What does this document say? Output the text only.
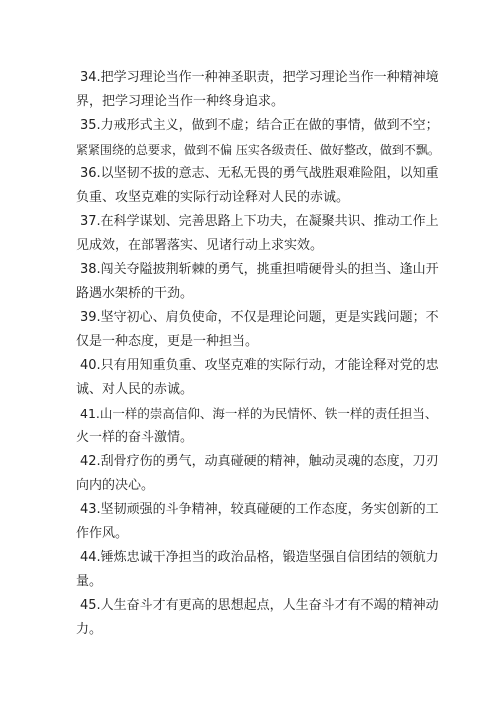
34.把学习理论当作一种神圣职责，把学习理论当作一种精神境
界，把学习理论当作一种终身追求。
35.力戒形式主义，做到不虚；结合正在做的事情，做到不空；
紧紧围绕的总要求，做到不偏 压实各级责任、做好整改，做到不飘。
36.以坚韧不拔的意志、无私无畏的勇气战胜艰难险阻，以知重
负重、攻坚克难的实际行动诠释对人民的赤诚。
37.在科学谋划、完善思路上下功夫，在凝聚共识、推动工作上
见成效，在部署落实、见诸行动上求实效。
38.闯关夺隘披荆斩棘的勇气，挑重担啃硬骨头的担当、逢山开
路遇水架桥的干劲。
39.坚守初心、肩负使命，不仅是理论问题，更是实践问题；不
仅是一种态度，更是一种担当。
40.只有用知重负重、攻坚克难的实际行动，才能诠释对党的忠
诚、对人民的赤诚。
41.山一样的崇高信仰、海一样的为民情怀、铁一样的责任担当、
火一样的奋斗激情。
42.刮骨疗伤的勇气，动真碰硬的精神，触动灵魂的态度，刀刃
向内的决心。
43.坚韧顽强的斗争精神，较真碰硬的工作态度，务实创新的工
作作风。
44.锤炼忠诚干净担当的政治品格，锻造坚强自信团结的领航力
量。
45.人生奋斗才有更高的思想起点，人生奋斗才有不竭的精神动
力。
